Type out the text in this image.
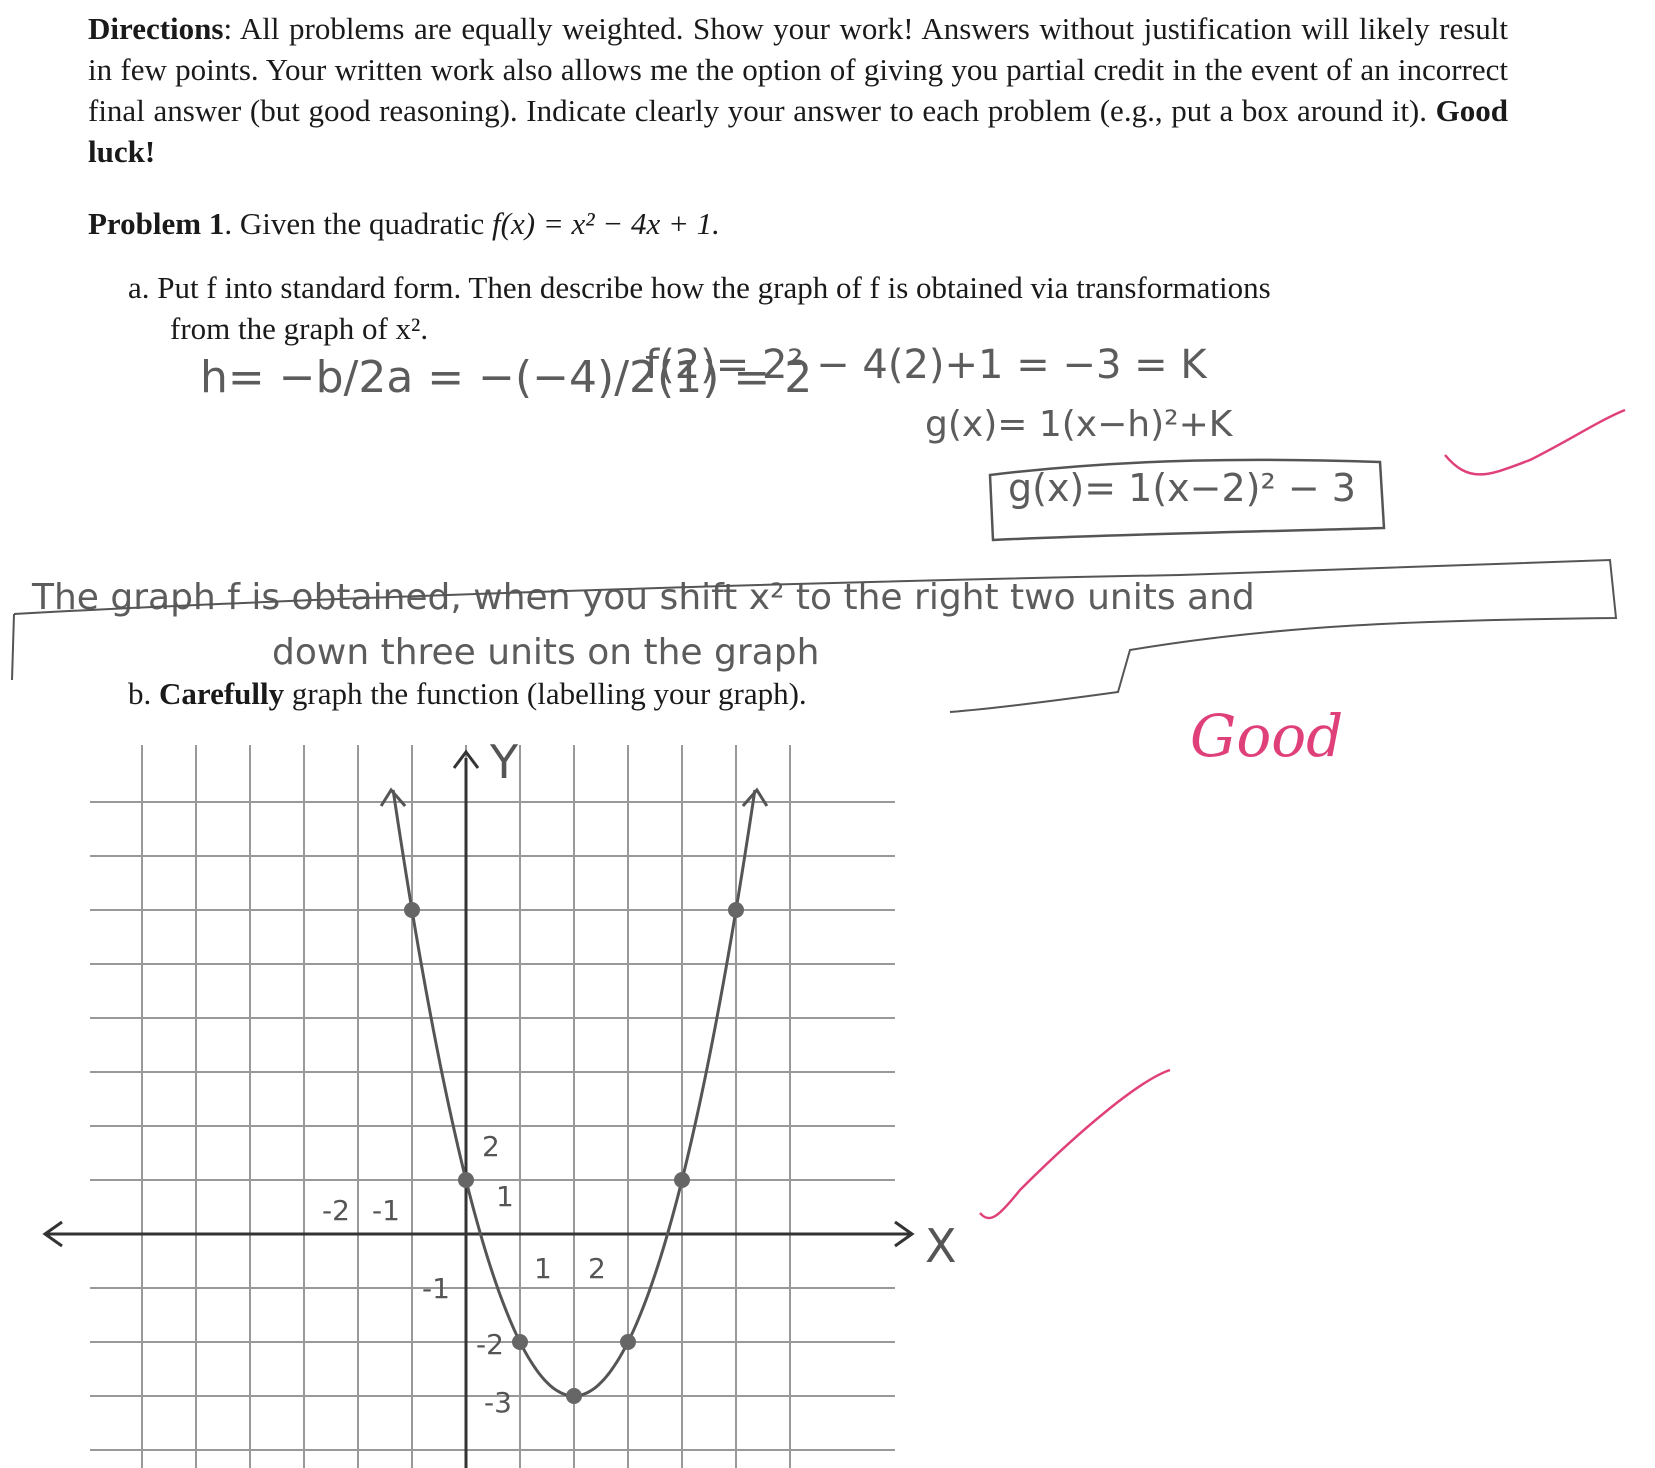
Directions: All problems are equally weighted. Show your work! Answers without justification will likely result in few points. Your written work also allows me the option of giving you partial credit in the event of an incorrect final answer (but good reasoning). Indicate clearly your answer to each problem (e.g., put a box around it). Good luck!
Problem 1. Given the quadratic f(x) = x² − 4x + 1.
a. Put f into standard form. Then describe how the graph of f is obtained via transformations
from the graph of x².
b. Carefully graph the function (labelling your graph).
h= −b/2a = −(−4)/2(1) = 2
f(2)= 2² − 4(2)+1 = −3 = K
g(x)= 1(x−h)²+K
g(x)= 1(x−2)² − 3
The graph f is obtained, when you shift x² to the right two units and
down three units on the graph
Good
Y
X
2
1
-2 -1
1 2
-1
-2
-3
